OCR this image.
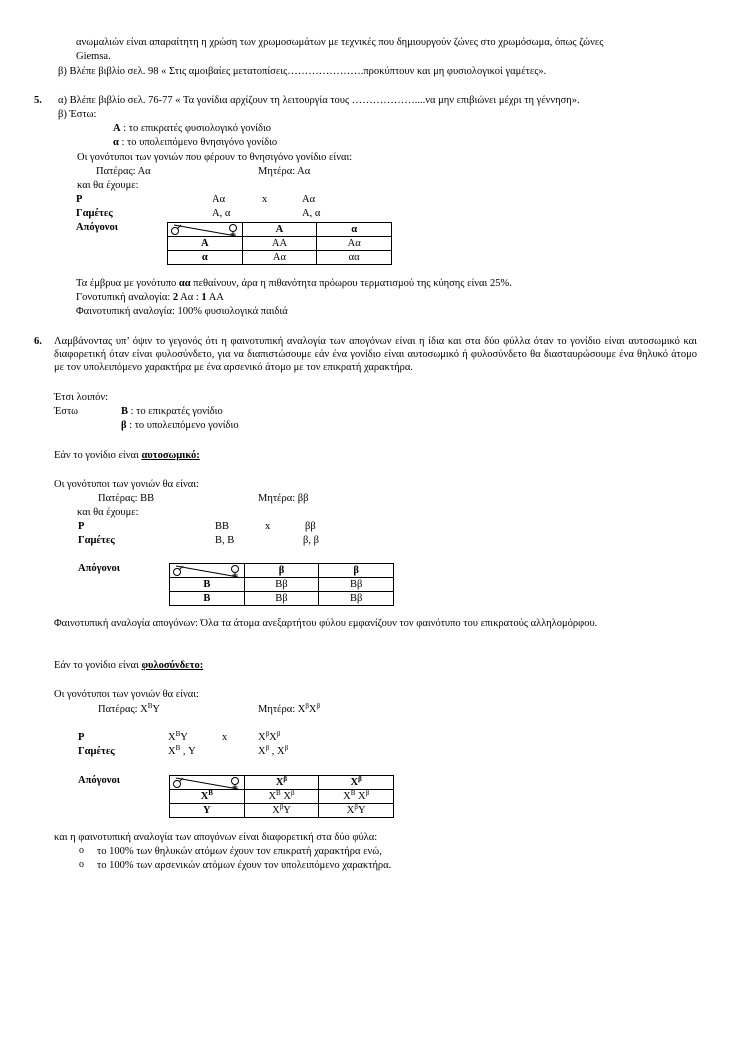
ανωμαλιών είναι απαραίτητη η χρώση των χρωμοσωμάτων με τεχνικές που δημιουργούν ζώνες στο χρωμόσωμα, όπως ζώνες
Giemsa.
β) Βλέπε βιβλίο σελ. 98 « Στις αμοιβαίες μετατοπίσεις………………….προκύπτουν και μη φυσιολογικοί γαμέτες».
5. α) Βλέπε βιβλίο σελ. 76-77 « Τα γονίδια αρχίζουν τη λειτουργία τους ………………....να μην επιβιώνει μέχρι τη γέννηση».
β) Έστω:
Α : το επικρατές φυσιολογικό γονίδιο
α : το υπολειπόμενο θνησιγόνο γονίδιο
Οι γονότυποι των γονιών που φέρουν το θνησιγόνο γονίδιο είναι:
Πατέρας: Αα	Μητέρα: Αα
και θα έχουμε:
P	Αα	x	Αα
Γαμέτες	Α, α	Α, α
Απόγονοι
		Α	α
Α	ΑΑ	Αα
α	Αα	αα
Τα έμβρυα με γονότυπο αα πεθαίνουν, άρα η πιθανότητα πρόωρου τερματισμού της κύησης είναι 25%.
Γονοτυπική αναλογία: 2 Αα : 1 ΑΑ
Φαινοτυπική αναλογία: 100% φυσιολογικά παιδιά
6. Λαμβάνοντας υπ’ όψιν το γεγονός ότι η φαινοτυπική αναλογία των απογόνων είναι η ίδια και στα δύο φύλλα όταν το γονίδιο είναι αυτοσωμικό και διαφορετική όταν είναι φυλοσύνδετο, για να διαπιστώσουμε εάν ένα γονίδιο είναι αυτοσωμικό ή φυλοσύνδετο θα διασταυρώσουμε ένα θηλυκό άτομο με τον υπολειπόμενο χαρακτήρα με ένα αρσενικό άτομο με τον επικρατή χαρακτήρα.
Έτσι λοιπόν:
Έστω	Β : το επικρατές γονίδιο
β : το υπολειπόμενο γονίδιο
Εάν το γονίδιο είναι αυτοσωμικό:
Οι γονότυποι των γονιών θα είναι:
Πατέρας: ΒΒ	Μητέρα: ββ
και θα έχουμε:
P	ΒΒ	x	ββ
Γαμέτες	Β, Β	β, β
Απόγονοι
		β	β
Β	Ββ	Ββ
Β	Ββ	Ββ
Φαινοτυπική αναλογία απογόνων: Όλα τα άτομα ανεξαρτήτου φύλου εμφανίζουν τον φαινότυπο του επικρατούς αλληλομόρφου.
Εάν το γονίδιο είναι φυλοσύνδετο:
Οι γονότυποι των γονιών θα είναι:
Πατέρας: $X^BY$	Μητέρα: $X^\beta X^\beta$
P	$X^BY$	x	$X^\beta X^\beta$
Γαμέτες	$X^B$ , Y	$X^\beta$ , $X^\beta$
Απόγονοι
		$X^\beta$	$X^\beta$
$X^B$	$X^B$ $X^\beta$	$X^B$ $X^\beta$
Y	$X^\beta Y$	$X^\beta Y$
και η φαινοτυπική αναλογία των απογόνων είναι διαφορετική στα δύο φύλα:
o το 100% των θηλυκών ατόμων έχουν τον επικρατή χαρακτήρα ενώ,
o το 100% των αρσενικών ατόμων έχουν τον υπολειπόμενο χαρακτήρα.
